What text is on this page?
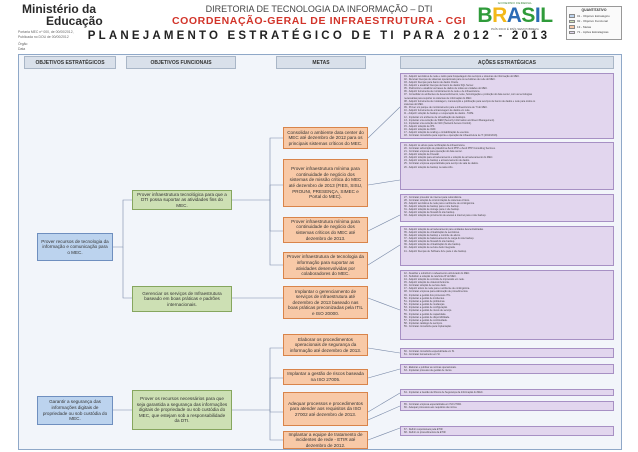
Ministério da
Educação
Portaria MEC nº 000, de 00/00/2012,
Publicada no DOU de 00/00/2012
Órgão
Data
DIRETORIA DE TECNOLOGIA DA INFORMAÇÃO – DTI
COORDENAÇÃO-GERAL DE INFRAESTRUTURA - CGI
PLANEJAMENTO ESTRATÉGICO DE TI PARA 2012 - 2013
GOVERNO FEDERAL
BRASIL
PAÍS RICO É PAÍS SEM POBREZA
QUANTITATIVO
01 - Objetivo Estratégico
02 - Objetivo Funcional
13 - Metas
71 - Ações Estratégicas
OBJETIVOS ESTRATÉGICOS	OBJETIVOS FUNCIONAIS	METAS	AÇÕES ESTRATÉGICAS
Prover recursos de tecnologia da informação e comunicação para o MEC.
Garantir a segurança das informações digitais de propriedade ou sob custódia do MEC.
Prover infraestrutura tecnológica para que a DTI possa suportar as atividades fins do MEC.
Gerenciar os serviços de Infraestrutura baseado em boas práticas e padrões internacionais.
Prover os recursos necessários para que seja garantida a segurança das informações digitais de propriedade ou sob custódia do MEC, que estejam sob a responsabilidade da DTI.
Consolidar o ambiente data center do MEC até dezembro de 2012 para os principais sistemas críticos do MEC.
Prover infraestrutura mínima para continuidade de negócio dos sistemas de missão crítica do MEC até dezembro de 2013 (FIES, SISU, PROUNI, PRESENÇA, SIMEC e Portal do MEC).
Prover infraestrutura mínima para continuidade de negócio dos sistemas críticos do MEC até dezembro de 2013.
Prover infraestrutura de tecnologia da informação para suportar as atividades desenvolvidas por colaboradores do MEC.
Implantar o gerenciamento de serviços de infraestrutura até dezembro de 2013 baseado nas boas práticas preconizadas pela ITIL e ISO 20000.
Elaborar os procedimentos operacionais de segurança da informação até dezembro de 2013.
Implantar a gestão de riscos baseada na ISO 27005.
Adequar processos e procedimentos para atender aos requisitos da ISO 27002 até dezembro de 2013.
Implantar a equipe de tratamento de incidentes de rede - ETIR até dezembro de 2012.
01 - Adquirir servidores de rede e racks para hospedagem dos serviços e sistemas de informação do MEC.
02 - Renovar licenças de sistemas operacionais para os servidores de rede do MEC.
03 - Adquirir licenças para banco de dados Oracle.
04 - Adquirir e atualizar licenças de banco de dados SQL Server.
05 - Padronizar e atualizar as bases de dados de todas as unidades do MEC.
06 - Adquirir ferramenta de monitoramento de rede e de infraestrutura.
07 - Consolidar os ambientes de desenvolvimento, teste, homologação e produção do data center, com as tecnologias
necessárias para suportar os sistemas de informação do MEC.
08 - Adquirir ferramenta de modelagem, manutenção e publicação para serviços de banco de dados e rede para todos os
sistemas do MEC.
09 - Prover um parque de monitoramento para a infraestrutura de TI do MEC.
10 - Adquirir ferramenta de armazenagem de dados em rede.
11 - Adquirir solução de backup e recuperação de dados - TAPE.
12 - Implantar um ambiente de virtualização de desktops.
13 - Implantar uma solução de SIEM (Security Information and Event Management).
14 - Implantar uma solução de NAC (Network Access Control).
15 - Adquirir solução de IPS.
16 - Adquirir solução de WAF.
17 - Adquirir solução de scaling e contabilização de eventos.
18 - Contratar consultoria para suporte e operação da infraestrutura de TI (2012/2013).
19 - Adquirir os ativos para certificação da infraestrutura.
20 - Contratar subscrição de plataforma Zend PHP e Zend PHP Consulting Services.
21 - Contratar empresa para operação do data center.
22 - Adquirir solução de Firewall.
23 - Adquirir solução para armazenamento e solução de armazenamento do MEC.
24 - Adquirir solução de backup e armazenamento de dados.
25 - Contratar empresa especializada para serviço de sala de dados.
26 - Adquirir solução de backup na sala cofre.
27 - Contratar provedor de internet para redundância.
28 - Contratar solução de sincronização de sistemas críticos.
29 - Adquirir servidores de rede para o ambiente de contingência.
30 - Adquirir solução de backup para o site backup.
31 - Adquirir solução de storage para o site backup.
32 - Adquirir solução de firewall do site backup.
33 - Adquirir solução de provimento de acesso à internet para o site backup.
34 - Adquirir solução de armazenamento para unidades descentralizadas.
35 - Adquirir solução de virtualização de servidores.
36 - Adquirir solução de backup e controle de ativos.
37 - Adquirir solução de balanceamento de carga do site backup.
38 - Adquirir solução de firewall do site backup.
39 - Adquirir solução de virtualização do site backup.
40 - Adquirir solução de service desk integrada.
41 - Adquirir licenças de Software livre para o site backup.
42 - Atualizar e substituir o cabeamento estruturado do MEC.
43 - Substituir a solução de telefonia IP do MEC.
44 - Adquirir solução de controle de impressão em rede.
45 - Adquirir solução de videoconferência.
46 - Contratar solução de service desk.
47 - Adquirir ativos de rede para o ambiente de contingência.
48 - Contratar empresa para elaboração de procedimentos.
49 - Implantar a gestão dos processos ITIL.
50 - Implantar a gestão de incidentes.
51 - Implantar a gestão de problemas.
52 - Implantar a gestão de mudanças.
53 - Implantar a gestão de configuração.
54 - Implantar a gestão de níveis de serviço.
55 - Implantar a gestão de capacidade.
56 - Implantar a gestão de disponibilidade.
57 - Implantar a gestão de continuidade.
58 - Implantar catálogo de serviços.
59 - Contratar consultoria para implantação.
60 - Contratar consultoria especializada em SI.
61 - Contratar treinamento em SI.
62 - Elaborar e publicar as normas operacionais.
63 - Implantar processo de gestão de riscos.
64 - Implantar a Gestão de Riscos de Segurança da Informação do MEC.
65 - Contratar empresa especializada em ISO 27002.
66 - Adequar processos aos requisitos da norma.
67 - Definir responsáveis pela ETIR.
68 - Definir os procedimentos da ETIR.
